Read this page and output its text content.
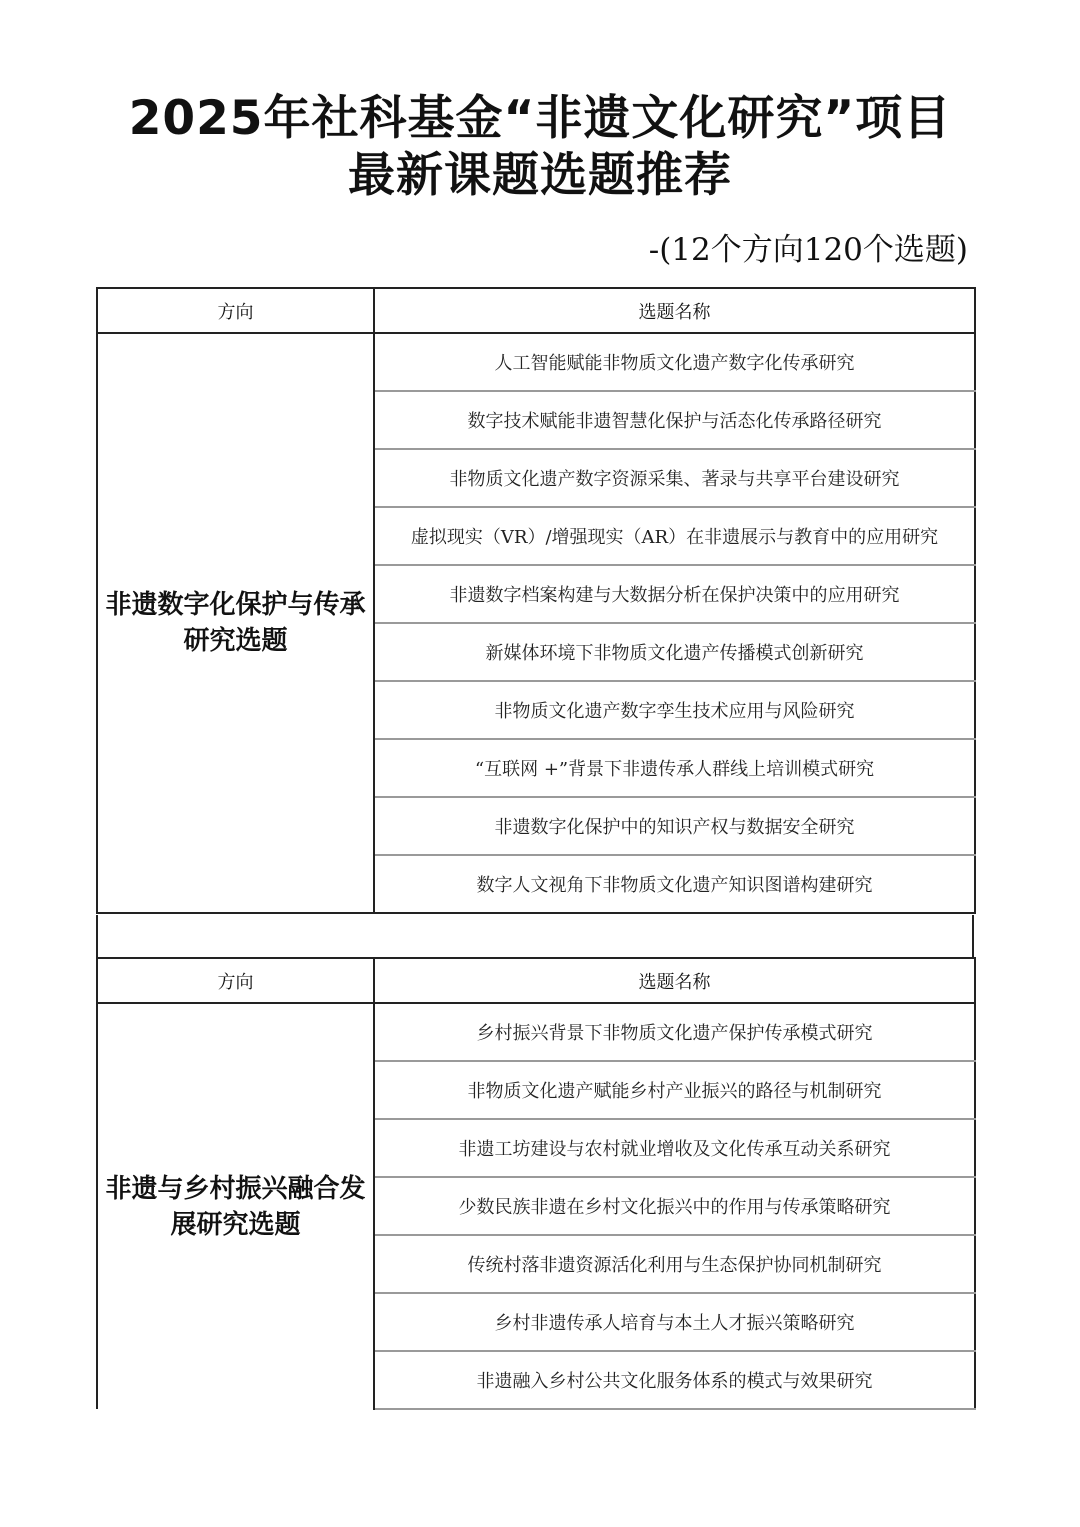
2025年社科基金“非遗文化研究”项目
最新课题选题推荐

-(12个方向120个选题)

方向	选题名称
非遗数字化保护与传承研究选题	人工智能赋能非物质文化遗产数字化传承研究
	数字技术赋能非遗智慧化保护与活态化传承路径研究
	非物质文化遗产数字资源采集、著录与共享平台建设研究
	虚拟现实（VR）/增强现实（AR）在非遗展示与教育中的应用研究
	非遗数字档案构建与大数据分析在保护决策中的应用研究
	新媒体环境下非物质文化遗产传播模式创新研究
	非物质文化遗产数字孪生技术应用与风险研究
	“互联网 +”背景下非遗传承人群线上培训模式研究
	非遗数字化保护中的知识产权与数据安全研究
	数字人文视角下非物质文化遗产知识图谱构建研究
方向	选题名称
非遗与乡村振兴融合发展研究选题	乡村振兴背景下非物质文化遗产保护传承模式研究
	非物质文化遗产赋能乡村产业振兴的路径与机制研究
	非遗工坊建设与农村就业增收及文化传承互动关系研究
	少数民族非遗在乡村文化振兴中的作用与传承策略研究
	传统村落非遗资源活化利用与生态保护协同机制研究
	乡村非遗传承人培育与本土人才振兴策略研究
	非遗融入乡村公共文化服务体系的模式与效果研究
